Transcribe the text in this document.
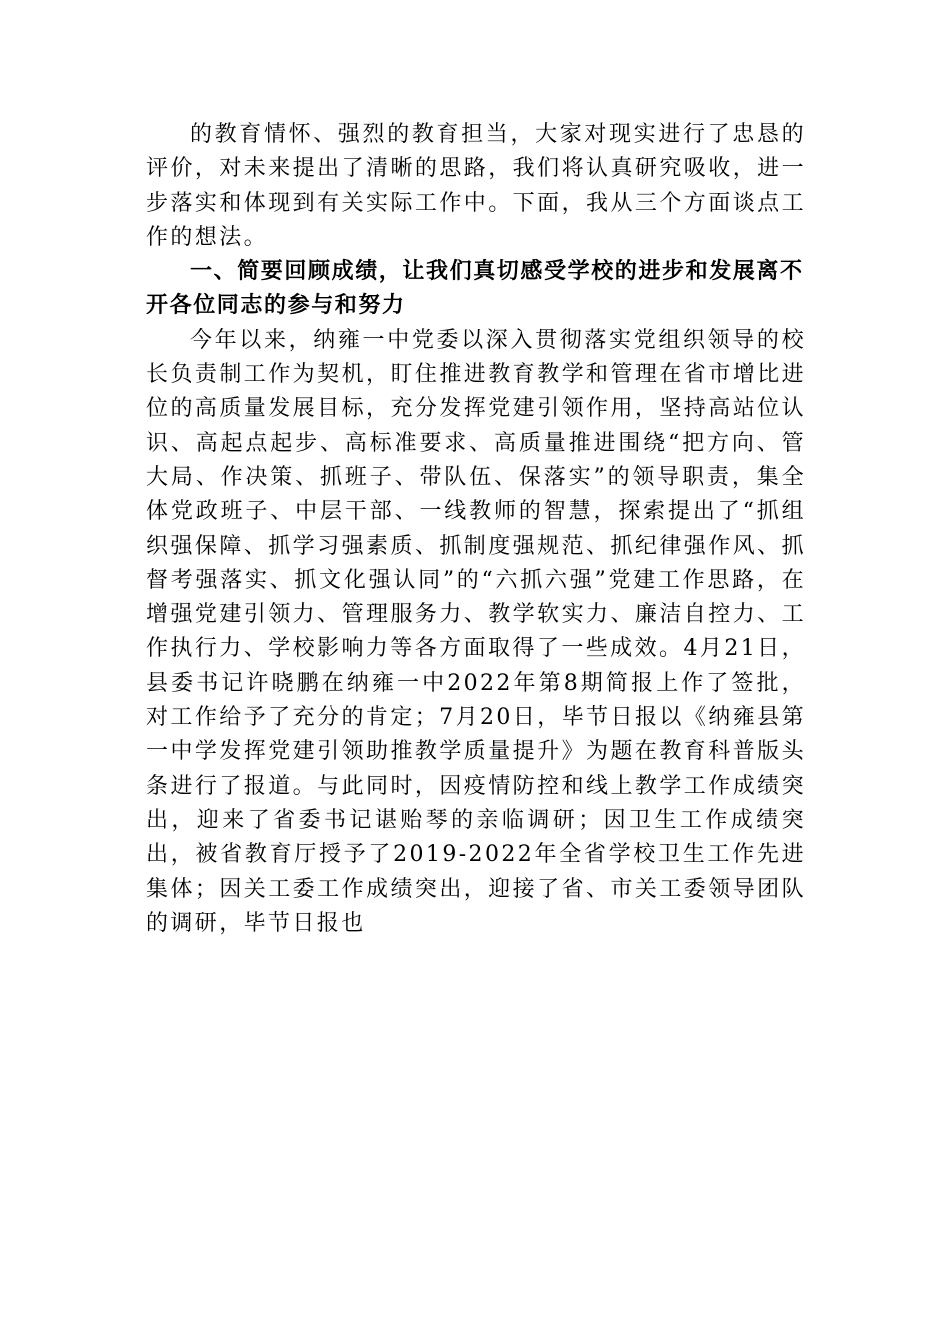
的教育情怀、强烈的教育担当，大家对现实进行了忠恳的评价，对未来提出了清晰的思路，我们将认真研究吸收，进一步落实和体现到有关实际工作中。下面，我从三个方面谈点工作的想法。

一、简要回顾成绩，让我们真切感受学校的进步和发展离不开各位同志的参与和努力

今年以来，纳雍一中党委以深入贯彻落实党组织领导的校长负责制工作为契机，盯住推进教育教学和管理在省市增比进位的高质量发展目标，充分发挥党建引领作用，坚持高站位认识、高起点起步、高标准要求、高质量推进围绕“把方向、管大局、作决策、抓班子、带队伍、保落实”的领导职责，集全体党政班子、中层干部、一线教师的智慧，探索提出了“抓组织强保障、抓学习强素质、抓制度强规范、抓纪律强作风、抓督考强落实、抓文化强认同”的“六抓六强”党建工作思路，在增强党建引领力、管理服务力、教学软实力、廉洁自控力、工作执行力、学校影响力等各方面取得了一些成效。4月21日，县委书记许晓鹏在纳雍一中2022年第8期简报上作了签批，对工作给予了充分的肯定；7月20日，毕节日报以《纳雍县第一中学发挥党建引领助推教学质量提升》为题在教育科普版头条进行了报道。与此同时，因疫情防控和线上教学工作成绩突出，迎来了省委书记谌贻琴的亲临调研；因卫生工作成绩突出，被省教育厅授予了2019-2022年全省学校卫生工作先进集体；因关工委工作成绩突出，迎接了省、市关工委领导团队的调研，毕节日报也
